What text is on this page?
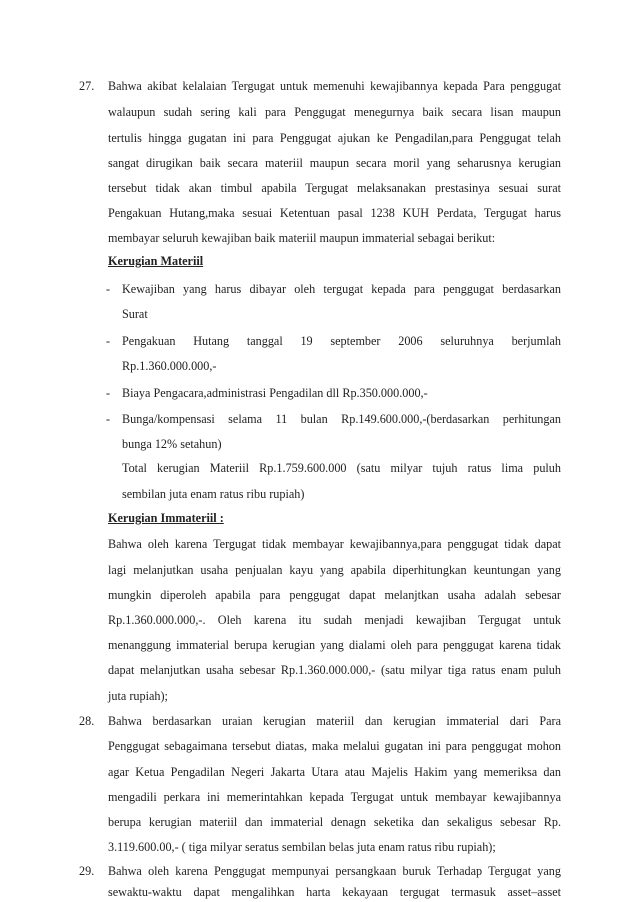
27. Bahwa akibat kelalaian Tergugat untuk memenuhi kewajibannya kepada Para penggugat
walaupun sudah sering kali para Penggugat menegurnya baik secara lisan maupun
tertulis hingga gugatan ini para Penggugat ajukan ke Pengadilan,para Penggugat telah
sangat dirugikan baik secara materiil maupun secara moril yang seharusnya kerugian
tersebut tidak akan timbul apabila Tergugat melaksanakan prestasinya sesuai surat
Pengakuan Hutang,maka sesuai Ketentuan pasal 1238 KUH Perdata, Tergugat harus
membayar seluruh kewajiban baik materiil maupun immaterial sebagai berikut:
Kerugian Materiil
- Kewajiban yang harus dibayar oleh tergugat kepada para penggugat berdasarkan
Surat
- Pengakuan Hutang tanggal 19 september 2006 seluruhnya berjumlah
Rp.1.360.000.000,-
- Biaya Pengacara,administrasi Pengadilan dll Rp.350.000.000,-
- Bunga/kompensasi selama 11 bulan Rp.149.600.000,-(berdasarkan perhitungan
bunga 12% setahun)
Total kerugian Materiil Rp.1.759.600.000 (satu milyar tujuh ratus lima puluh
sembilan juta enam ratus ribu rupiah)
Kerugian Immateriil :
Bahwa oleh karena Tergugat tidak membayar kewajibannya,para penggugat tidak dapat
lagi melanjutkan usaha penjualan kayu yang apabila diperhitungkan keuntungan yang
mungkin diperoleh apabila para penggugat dapat melanjtkan usaha adalah sebesar
Rp.1.360.000.000,-. Oleh karena itu sudah menjadi kewajiban Tergugat untuk
menanggung immaterial berupa kerugian yang dialami oleh para penggugat karena tidak
dapat melanjutkan usaha sebesar Rp.1.360.000.000,- (satu milyar tiga ratus enam puluh
juta rupiah);
28. Bahwa berdasarkan uraian kerugian materiil dan kerugian immaterial dari Para
Penggugat sebagaimana tersebut diatas, maka melalui gugatan ini para penggugat mohon
agar Ketua Pengadilan Negeri Jakarta Utara atau Majelis Hakim yang memeriksa dan
mengadili perkara ini memerintahkan kepada Tergugat untuk membayar kewajibannya
berupa kerugian materiil dan immaterial denagn seketika dan sekaligus sebesar Rp.
3.119.600.00,- ( tiga milyar seratus sembilan belas juta enam ratus ribu rupiah);
29. Bahwa oleh karena Penggugat mempunyai persangkaan buruk Terhadap Tergugat yang
sewaktu-waktu dapat mengalihkan harta kekayaan tergugat termasuk asset–asset
